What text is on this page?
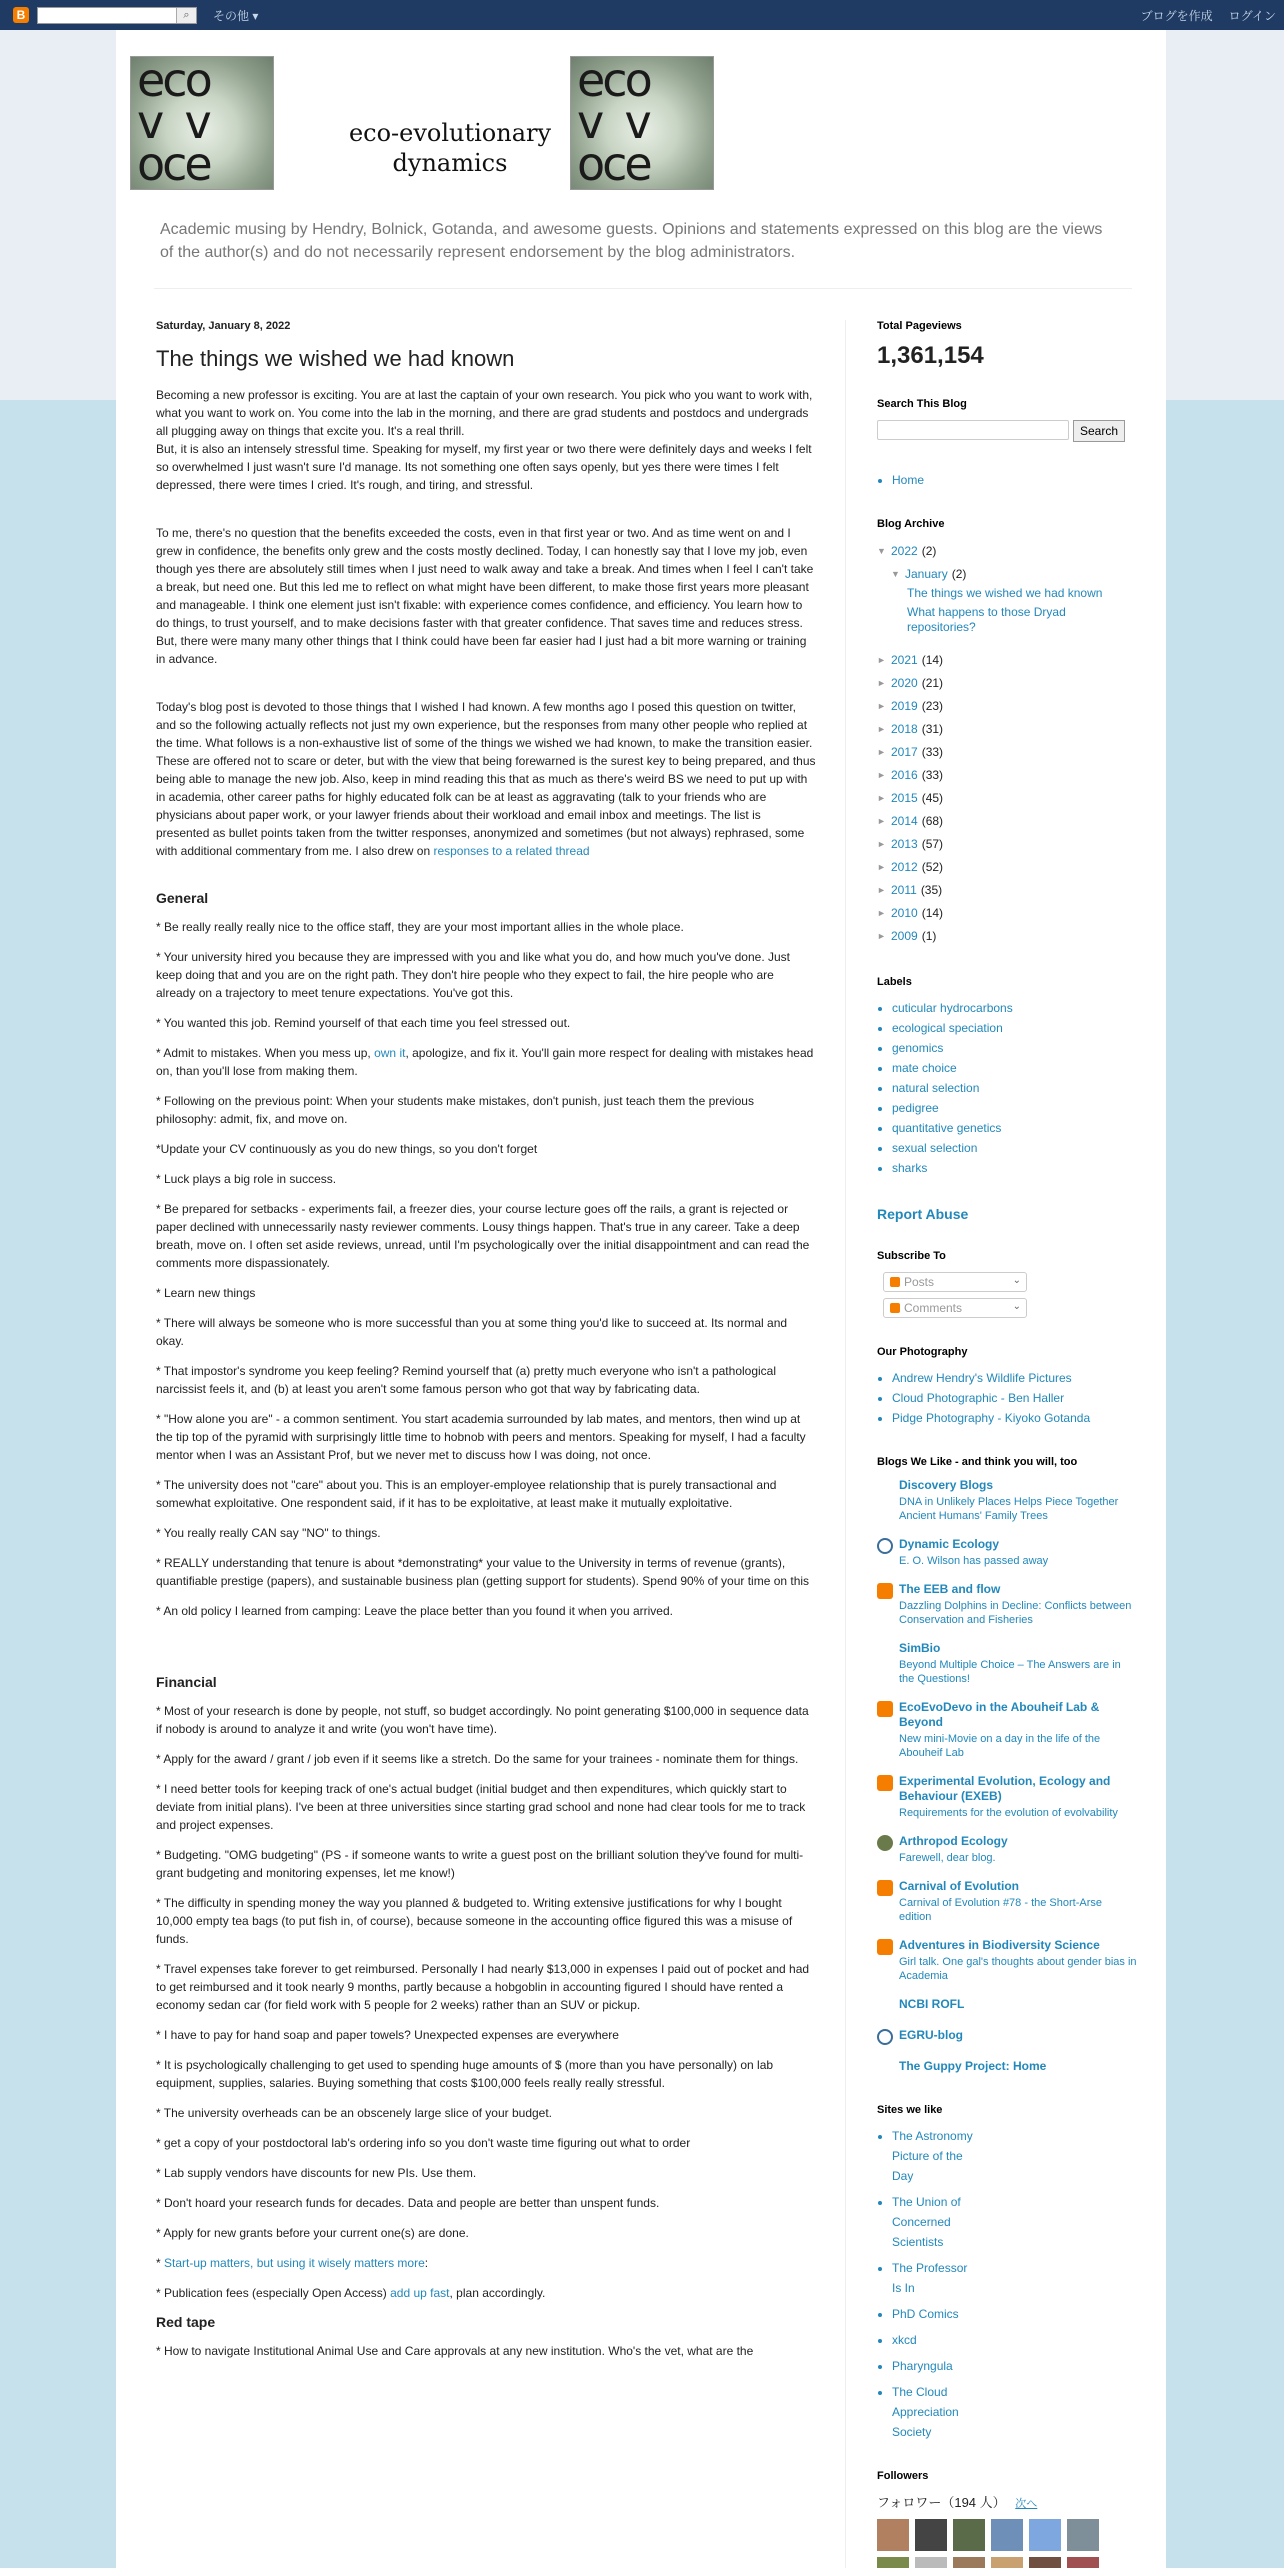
B	⌕	その他 ▾	ブログを作成 ログイン
eco
v  v
oce
eco-evolutionary dynamics
eco
v  v
oce
Academic musing by Hendry, Bolnick, Gotanda, and awesome guests. Opinions and statements expressed on this blog are the views of the author(s) and do not necessarily represent endorsement by the blog administrators.
Saturday, January 8, 2022
The things we wished we had known

Becoming a new professor is exciting. You are at last the captain of your own research. You pick who you want to work with, what you want to work on. You come into the lab in the morning, and there are grad students and postdocs and undergrads all plugging away on things that excite you. It's a real thrill.

But, it is also an intensely stressful time. Speaking for myself, my first year or two there were definitely days and weeks I felt so overwhelmed I just wasn't sure I'd manage. Its not something one often says openly, but yes there were times I felt depressed, there were times I cried. It's rough, and tiring, and stressful.

To me, there's no question that the benefits exceeded the costs, even in that first year or two. And as time went on and I grew in confidence, the benefits only grew and the costs mostly declined. Today, I can honestly say that I love my job, even though yes there are absolutely still times when I just need to walk away and take a break. And times when I feel I can't take a break, but need one. But this led me to reflect on what might have been different, to make those first years more pleasant and manageable. I think one element just isn't fixable: with experience comes confidence, and efficiency. You learn how to do things, to trust yourself, and to make decisions faster with that greater confidence. That saves time and reduces stress. But, there were many many other things that I think could have been far easier had I just had a bit more warning or training in advance.

Today's blog post is devoted to those things that I wished I had known. A few months ago I posed this question on twitter, and so the following actually reflects not just my own experience, but the responses from many other people who replied at the time. What follows is a non-exhaustive list of some of the things we wished we had known, to make the transition easier. These are offered not to scare or deter, but with the view that being forewarned is the surest key to being prepared, and thus being able to manage the new job. Also, keep in mind reading this that as much as there's weird BS we need to put up with in academia, other career paths for highly educated folk can be at least as aggravating (talk to your friends who are physicians about paper work, or your lawyer friends about their workload and email inbox and meetings. The list is presented as bullet points taken from the twitter responses, anonymized and sometimes (but not always) rephrased, some with additional commentary from me. I also drew on responses to a related thread

General

* Be really really really nice to the office staff, they are your most important allies in the whole place.

* Your university hired you because they are impressed with you and like what you do, and how much you've done. Just keep doing that and you are on the right path. They don't hire people who they expect to fail, the hire people who are already on a trajectory to meet tenure expectations. You've got this.

* You wanted this job. Remind yourself of that each time you feel stressed out.

* Admit to mistakes. When you mess up, own it, apologize, and fix it. You'll gain more respect for dealing with mistakes head on, than you'll lose from making them.

* Following on the previous point: When your students make mistakes, don't punish, just teach them the previous philosophy: admit, fix, and move on.

*Update your CV continuously as you do new things, so you don't forget

* Luck plays a big role in success.

* Be prepared for setbacks - experiments fail, a freezer dies, your course lecture goes off the rails, a grant is rejected or paper declined with unnecessarily nasty reviewer comments. Lousy things happen. That's true in any career. Take a deep breath, move on. I often set aside reviews, unread, until I'm psychologically over the initial disappointment and can read the comments more dispassionately.

* Learn new things

* There will always be someone who is more successful than you at some thing you'd like to succeed at. Its normal and okay.

* That impostor's syndrome you keep feeling? Remind yourself that (a) pretty much everyone who isn't a pathological narcissist feels it, and (b) at least you aren't some famous person who got that way by fabricating data.

* "How alone you are" - a common sentiment. You start academia surrounded by lab mates, and mentors, then wind up at the tip top of the pyramid with surprisingly little time to hobnob with peers and mentors. Speaking for myself, I had a faculty mentor when I was an Assistant Prof, but we never met to discuss how I was doing, not once.

* The university does not "care" about you. This is an employer-employee relationship that is purely transactional and somewhat exploitative. One respondent said, if it has to be exploitative, at least make it mutually exploitative.

* You really really CAN say "NO" to things.

* REALLY understanding that tenure is about *demonstrating* your value to the University in terms of revenue (grants), quantifiable prestige (papers), and sustainable business plan (getting support for students). Spend 90% of your time on this

* An old policy I learned from camping: Leave the place better than you found it when you arrived.

Financial

* Most of your research is done by people, not stuff, so budget accordingly. No point generating $100,000 in sequence data if nobody is around to analyze it and write (you won't have time).

* Apply for the award / grant / job even if it seems like a stretch. Do the same for your trainees - nominate them for things.

* I need better tools for keeping track of one's actual budget (initial budget and then expenditures, which quickly start to deviate from initial plans). I've been at three universities since starting grad school and none had clear tools for me to track and project expenses.

* Budgeting. "OMG budgeting" (PS - if someone wants to write a guest post on the brilliant solution they've found for multi-grant budgeting and monitoring expenses, let me know!)

* The difficulty in spending money the way you planned & budgeted to. Writing extensive justifications for why I bought 10,000 empty tea bags (to put fish in, of course), because someone in the accounting office figured this was a misuse of funds.

* Travel expenses take forever to get reimbursed. Personally I had nearly $13,000 in expenses I paid out of pocket and had to get reimbursed and it took nearly 9 months, partly because a hobgoblin in accounting figured I should have rented a economy sedan car (for field work with 5 people for 2 weeks) rather than an SUV or pickup.

* I have to pay for hand soap and paper towels? Unexpected expenses are everywhere

* It is psychologically challenging to get used to spending huge amounts of $ (more than you have personally) on lab equipment, supplies, salaries. Buying something that costs $100,000 feels really really stressful.

* The university overheads can be an obscenely large slice of your budget.

* get a copy of your postdoctoral lab's ordering info so you don't waste time figuring out what to order

* Lab supply vendors have discounts for new PIs. Use them.

* Don't hoard your research funds for decades. Data and people are better than unspent funds.

* Apply for new grants before your current one(s) are done.

* Start-up matters, but using it wisely matters more:

* Publication fees (especially Open Access) add up fast, plan accordingly.

Red tape

* How to navigate Institutional Animal Use and Care approvals at any new institution. Who's the vet, what are the

Total Pageviews
1,361,154
Search This Blog
Search
• Home
Blog Archive
▼ 2022 (2)
▼ January (2)
The things we wished we had known
What happens to those Dryad repositories?
► 2021 (14)
► 2020 (21)
► 2019 (23)
► 2018 (31)
► 2017 (33)
► 2016 (33)
► 2015 (45)
► 2014 (68)
► 2013 (57)
► 2012 (52)
► 2011 (35)
► 2010 (14)
► 2009 (1)
Labels
• cuticular hydrocarbons
• ecological speciation
• genomics
• mate choice
• natural selection
• pedigree
• quantitative genetics
• sexual selection
• sharks
Report Abuse
Subscribe To
Posts	⌄
Comments	⌄
Our Photography
• Andrew Hendry's Wildlife Pictures
• Cloud Photographic - Ben Haller
• Pidge Photography - Kiyoko Gotanda
Blogs We Like - and think you will, too
Discovery Blogs
DNA in Unlikely Places Helps Piece Together Ancient Humans' Family Trees
Dynamic Ecology
E. O. Wilson has passed away
The EEB and flow
Dazzling Dolphins in Decline: Conflicts between Conservation and Fisheries
SimBio
Beyond Multiple Choice – The Answers are in the Questions!
EcoEvoDevo in the Abouheif Lab & Beyond
New mini-Movie on a day in the life of the Abouheif Lab
Experimental Evolution, Ecology and Behaviour (EXEB)
Requirements for the evolution of evolvability
Arthropod Ecology
Farewell, dear blog.
Carnival of Evolution
Carnival of Evolution #78 - the Short-Arse edition
Adventures in Biodiversity Science
Girl talk. One gal's thoughts about gender bias in Academia
NCBI ROFL
EGRU-blog
The Guppy Project: Home
Sites we like
• The Astronomy Picture of the Day
• The Union of Concerned Scientists
• The Professor Is In
• PhD Comics
• xkcd
• Pharyngula
• The Cloud Appreciation Society
Followers
フォロワー（194 人） 次へ
